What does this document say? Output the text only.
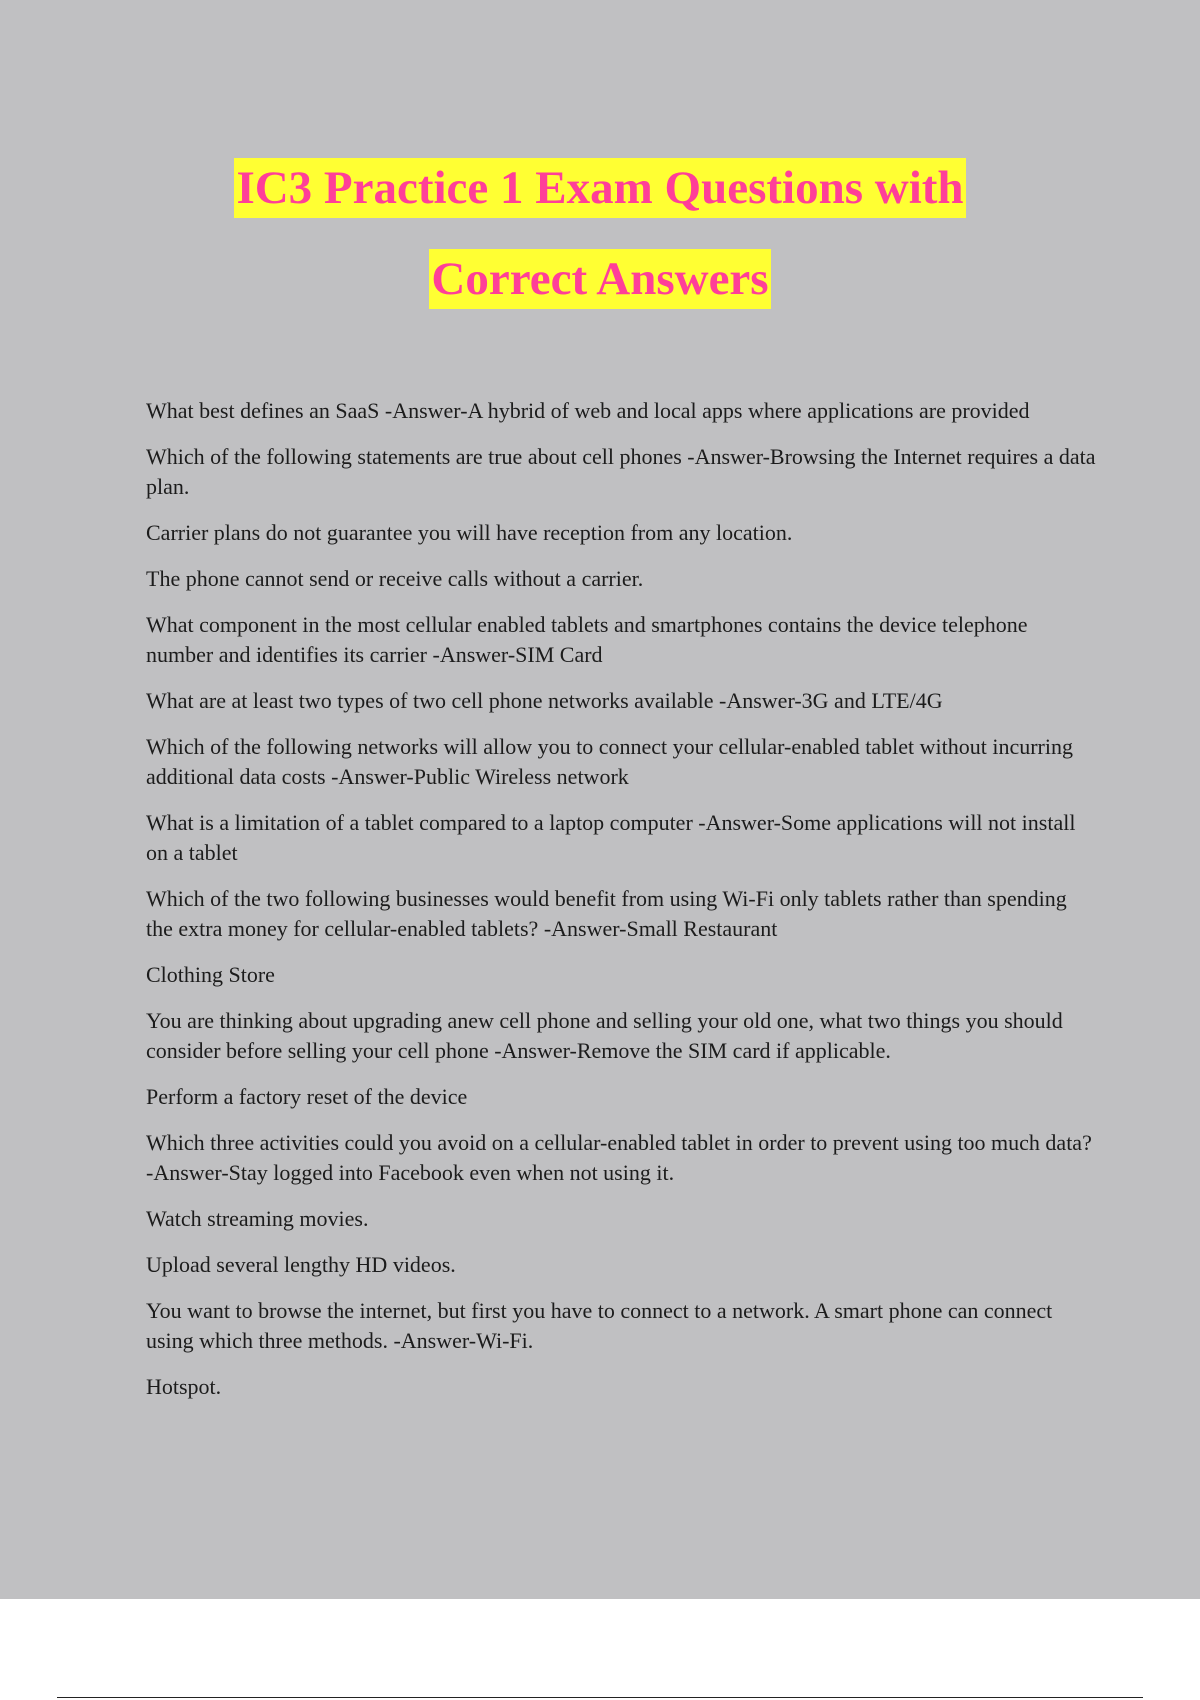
IC3 Practice 1 Exam Questions with
Correct Answers

What best defines an SaaS -Answer-A hybrid of web and local apps where applications are provided

Which of the following statements are true about cell phones -Answer-Browsing the Internet requires a data plan.

Carrier plans do not guarantee you will have reception from any location.

The phone cannot send or receive calls without a carrier.

What component in the most cellular enabled tablets and smartphones contains the device telephone number and identifies its carrier -Answer-SIM Card

What are at least two types of two cell phone networks available -Answer-3G and LTE/4G

Which of the following networks will allow you to connect your cellular-enabled tablet without incurring additional data costs -Answer-Public Wireless network

What is a limitation of a tablet compared to a laptop computer -Answer-Some applications will not install on a tablet

Which of the two following businesses would benefit from using Wi-Fi only tablets rather than spending the extra money for cellular-enabled tablets? -Answer-Small Restaurant

Clothing Store

You are thinking about upgrading anew cell phone and selling your old one, what two things you should consider before selling your cell phone -Answer-Remove the SIM card if applicable.

Perform a factory reset of the device

Which three activities could you avoid on a cellular-enabled tablet in order to prevent using too much data? -Answer-Stay logged into Facebook even when not using it.

Watch streaming movies.

Upload several lengthy HD videos.

You want to browse the internet, but first you have to connect to a network. A smart phone can connect using which three methods. -Answer-Wi-Fi.

Hotspot.
